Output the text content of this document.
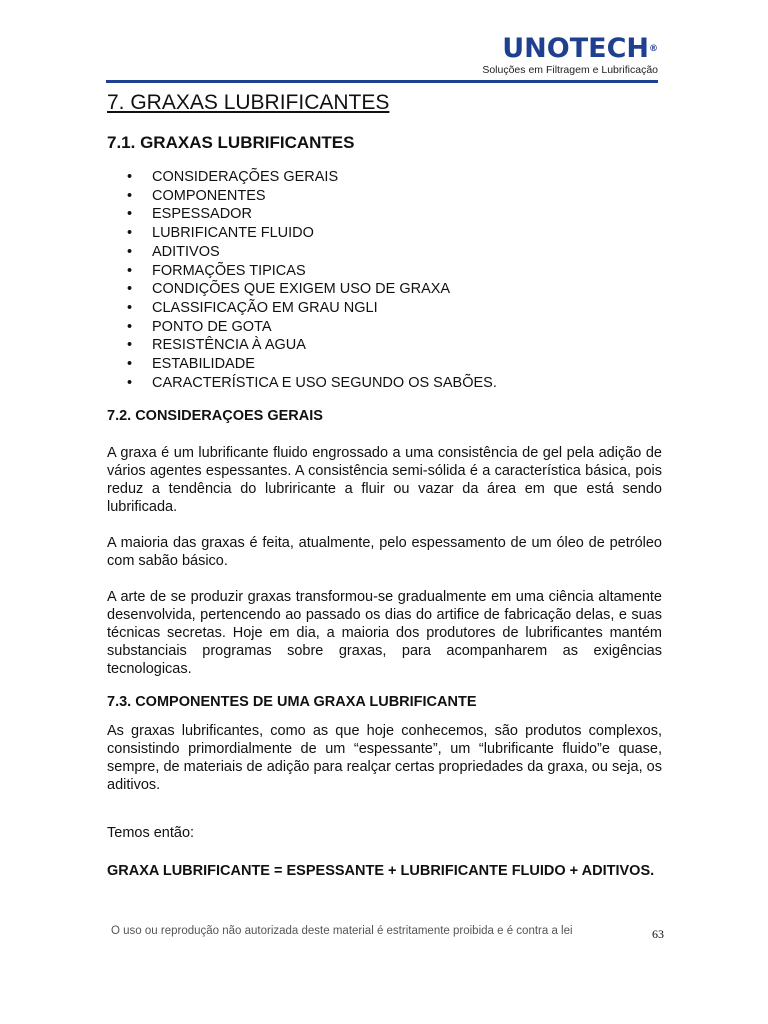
UNOTECH®
Soluções em Filtragem e Lubrificação
7. GRAXAS LUBRIFICANTES
7.1. GRAXAS LUBRIFICANTES
• CONSIDERAÇÕES GERAIS
• COMPONENTES
• ESPESSADOR
• LUBRIFICANTE FLUIDO
• ADITIVOS
• FORMAÇÕES TIPICAS
• CONDIÇÕES QUE EXIGEM USO DE GRAXA
• CLASSIFICAÇÃO EM GRAU NGLI
• PONTO DE GOTA
• RESISTÊNCIA À AGUA
• ESTABILIDADE
• CARACTERÍSTICA E USO SEGUNDO OS SABÕES.
7.2. CONSIDERAÇOES GERAIS

A graxa é um lubrificante fluido engrossado a uma consistência de gel pela adição de vários agentes espessantes. A consistência semi-sólida é a característica básica, pois reduz a tendência do lubriricante a fluir ou vazar da área em que está sendo lubrificada.

A maioria das graxas é feita, atualmente, pelo espessamento de um óleo de petróleo com sabão básico.

A arte de se produzir graxas transformou-se gradualmente em uma ciência altamente desenvolvida, pertencendo ao passado os dias do artifice de fabricação delas, e suas técnicas secretas. Hoje em dia, a maioria dos produtores de lubrificantes mantém substanciais programas sobre graxas, para acompanharem as exigências tecnologicas.

7.3. COMPONENTES DE UMA GRAXA LUBRIFICANTE

As graxas lubrificantes, como as que hoje conhecemos, são produtos complexos, consistindo primordialmente de um “espessante”, um “lubrificante fluido”e quase, sempre, de materiais de adição para realçar certas propriedades da graxa, ou seja, os aditivos.

Temos então:

GRAXA LUBRIFICANTE = ESPESSANTE + LUBRIFICANTE FLUIDO + ADITIVOS.

O uso ou reprodução não autorizada deste material é estritamente proibida e é contra a lei	63
